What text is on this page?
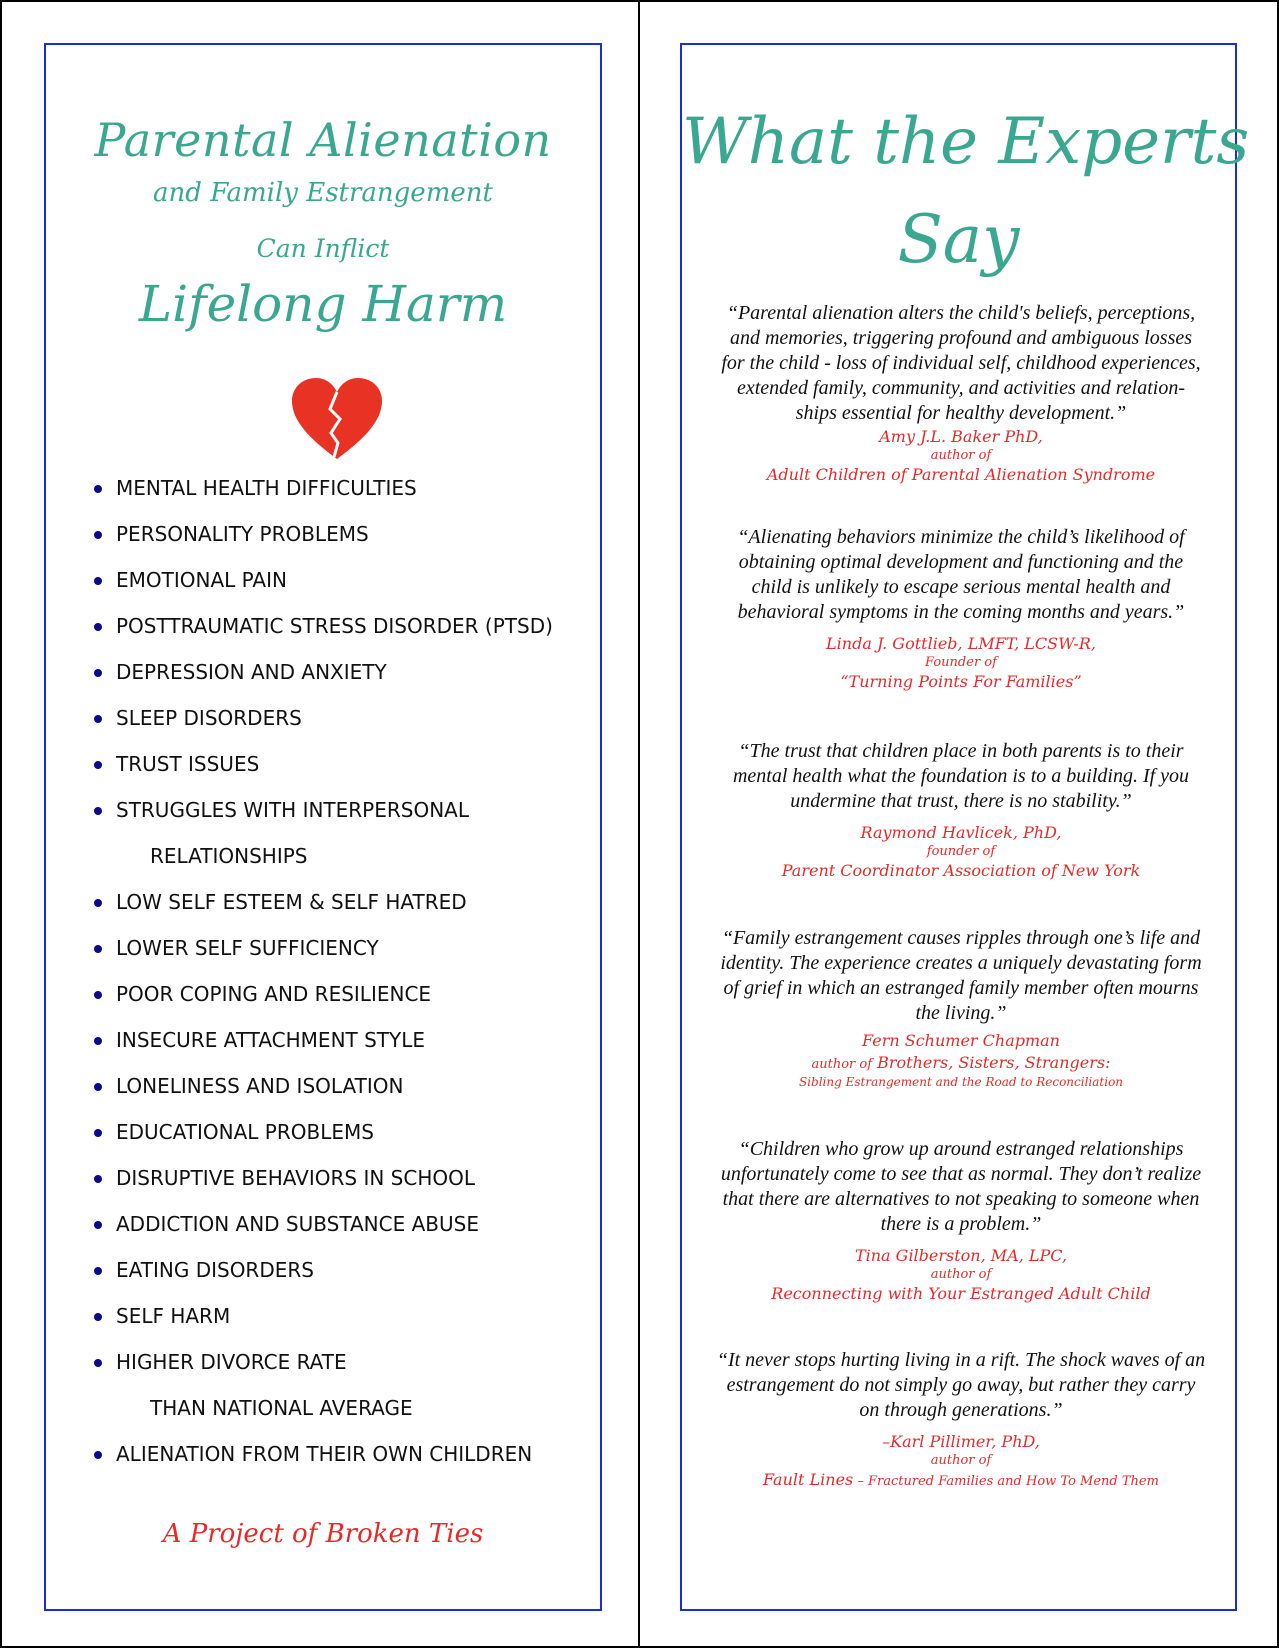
Parental Alienation
and Family Estrangement
Can Inflict
Lifelong Harm
MENTAL HEALTH DIFFICULTIES
PERSONALITY PROBLEMS
EMOTIONAL PAIN
POSTTRAUMATIC STRESS DISORDER (PTSD)
DEPRESSION AND ANXIETY
SLEEP DISORDERS
TRUST ISSUES
STRUGGLES WITH INTERPERSONAL
RELATIONSHIPS
LOW SELF ESTEEM & SELF HATRED
LOWER SELF SUFFICIENCY
POOR COPING AND RESILIENCE
INSECURE ATTACHMENT STYLE
LONELINESS AND ISOLATION
EDUCATIONAL PROBLEMS
DISRUPTIVE BEHAVIORS IN SCHOOL
ADDICTION AND SUBSTANCE ABUSE
EATING DISORDERS
SELF HARM
HIGHER DIVORCE RATE
THAN NATIONAL AVERAGE
ALIENATION FROM THEIR OWN CHILDREN
A Project of Broken Ties
What the Experts
Say

“Parental alienation alters the child's beliefs, perceptions,
and memories, triggering profound and ambiguous losses
for the child - loss of individual self, childhood experiences,
extended family, community, and activities and relation-
ships essential for healthy development.”

Amy J.L. Baker PhD,

author of

Adult Children of Parental Alienation Syndrome

“Alienating behaviors minimize the child’s likelihood of
obtaining optimal development and functioning and the
child is unlikely to escape serious mental health and
behavioral symptoms in the coming months and years.”

Linda J. Gottlieb, LMFT, LCSW-R,

Founder of

“Turning Points For Families”

“The trust that children place in both parents is to their
mental health what the foundation is to a building. If you
undermine that trust, there is no stability.”

Raymond Havlicek, PhD,

founder of

Parent Coordinator Association of New York

“Family estrangement causes ripples through one’s life and
identity. The experience creates a uniquely devastating form
of grief in which an estranged family member often mourns
the living.”

Fern Schumer Chapman

author of Brothers, Sisters, Strangers:

Sibling Estrangement and the Road to Reconciliation

“Children who grow up around estranged relationships
unfortunately come to see that as normal. They don’t realize
that there are alternatives to not speaking to someone when
there is a problem.”

Tina Gilberston, MA, LPC,

author of

Reconnecting with Your Estranged Adult Child

“It never stops hurting living in a rift. The shock waves of an
estrangement do not simply go away, but rather they carry
on through generations.”

–Karl Pillimer, PhD,

author of

Fault Lines – Fractured Families and How To Mend Them
